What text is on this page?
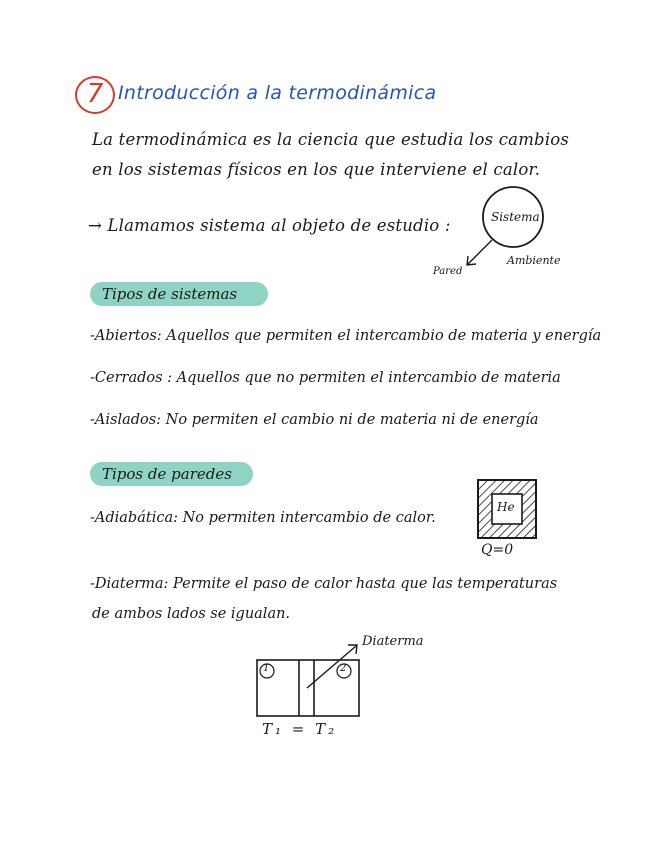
7 Introducción a la termodinámica
La termodinámica es la ciencia que estudia los cambios
en los sistemas físicos en los que interviene el calor.
→ Llamamos sistema al objeto de estudio :	Sistema
Pared
Ambiente
Tipos de sistemas
-Abiertos: Aquellos que permiten el intercambio de materia y energía
-Cerrados : Aquellos que no permiten el intercambio de materia
-Aislados: No permiten el cambio ni de materia ni de energía
Tipos de paredes
-Adiabática: No permiten intercambio de calor.
He
Q=0
-Diaterma: Permite el paso de calor hasta que las temperaturas
de ambos lados se igualan.
Diaterma
1	2
T₁ = T₂
